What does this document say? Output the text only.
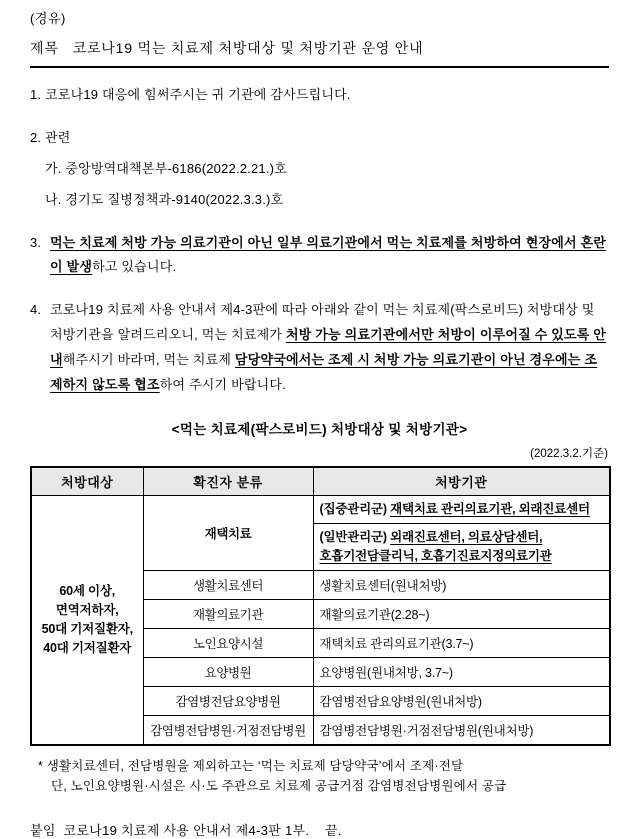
(경유)
제목 코로나19 먹는 치료제 처방대상 및 처방기관 운영 안내
1. 코로나19 대응에 힘써주시는 귀 기관에 감사드립니다.
2. 관련
가. 중앙방역대책본부-6186(2022.2.21.)호
나. 경기도 질병정책과-9140(2022.3.3.)호
3. 먹는 치료제 처방 가능 의료기관이 아닌 일부 의료기관에서 먹는 치료제를 처방하여 현장에서 혼란이 발생하고 있습니다.
4. 코로나19 치료제 사용 안내서 제4-3판에 따라 아래와 같이 먹는 치료제(팍스로비드) 처방대상 및 처방기관을 알려드리오니, 먹는 치료제가 처방 가능 의료기관에서만 처방이 이루어질 수 있도록 안내해주시기 바라며, 먹는 치료제 담당약국에서는 조제 시 처방 가능 의료기관이 아닌 경우에는 조제하지 않도록 협조하여 주시기 바랍니다.
<먹는 치료제(팍스로비드) 처방대상 및 처방기관>
(2022.3.2.기준)
처방대상	확진자 분류	처방기관

60세 이상,
면역저하자,
50대 기저질환자,
40대 기저질환자	재택치료	(집중관리군) 재택치료 관리의료기관, 외래진료센터
		(일반관리군) 외래진료센터, 의료상담센터,
호흡기전담클리닉, 호흡기진료지정의료기관
	생활치료센터	생활치료센터(원내처방)
	재활의료기관	재활의료기관(2.28~)
	노인요양시설	재택치료 관리의료기관(3.7~)
	요양병원	요양병원(원내처방, 3.7~)
	감염병전담요양병원	감염병전담요양병원(원내처방)
	감염병전담병원·거점전담병원	감염병전담병원·거점전담병원(원내처방)
* 생활치료센터, 전담병원을 제외하고는 ‘먹는 치료제 담당약국’에서 조제·전달
단, 노인요양병원·시설은 시·도 주관으로 치료제 공급거점 감염병전담병원에서 공급
붙임  코로나19 치료제 사용 안내서 제4-3판 1부.    끝.
